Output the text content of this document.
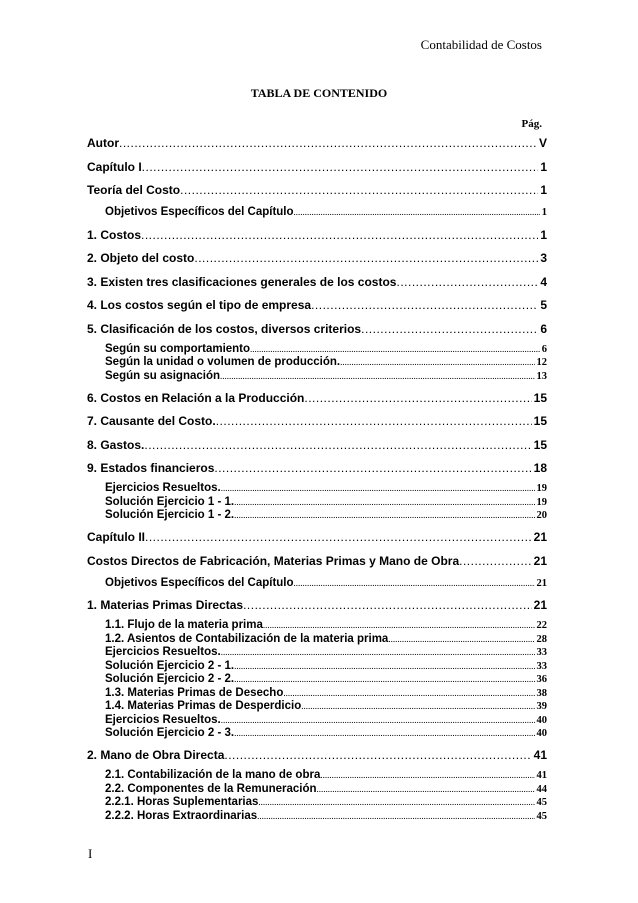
Contabilidad de Costos
TABLA DE CONTENIDO
Pág.
Autor .....	V
Capítulo I .....	1
Teoría del Costo .....	1
Objetivos Específicos del Capítulo .....	1
1. Costos .....	1
2. Objeto del costo .....	3
3. Existen tres clasificaciones generales de los costos .....	4
4. Los costos según el tipo de empresa .....	5
5. Clasificación de los costos, diversos criterios .....	6
Según su comportamiento .....	6
Según la unidad o volumen de producción. .....	12
Según su asignación .....	13
6. Costos en Relación a la Producción .....	15
7. Causante del Costo. .....	15
8. Gastos. .....	15
9. Estados financieros .....	18
Ejercicios Resueltos. .....	19
Solución Ejercicio 1 - 1. .....	19
Solución Ejercicio 1 - 2. .....	20
Capítulo II .....	21
Costos Directos de Fabricación, Materias Primas y Mano de Obra .....	21
Objetivos Específicos del Capítulo .....	21
1. Materias Primas Directas .....	21
1.1. Flujo de la materia prima .....	22
1.2. Asientos de Contabilización de la materia prima .....	28
Ejercicios Resueltos. .....	33
Solución Ejercicio 2 - 1. .....	33
Solución Ejercicio 2 - 2. .....	36
1.3. Materias Primas de Desecho .....	38
1.4. Materias Primas de Desperdicio .....	39
Ejercicios Resueltos. .....	40
Solución Ejercicio 2 - 3. .....	40
2. Mano de Obra Directa .....	41
2.1. Contabilización de la mano de obra .....	41
2.2. Componentes de la Remuneración .....	44
2.2.1. Horas Suplementarias .....	45
2.2.2. Horas Extraordinarias .....	45
I
